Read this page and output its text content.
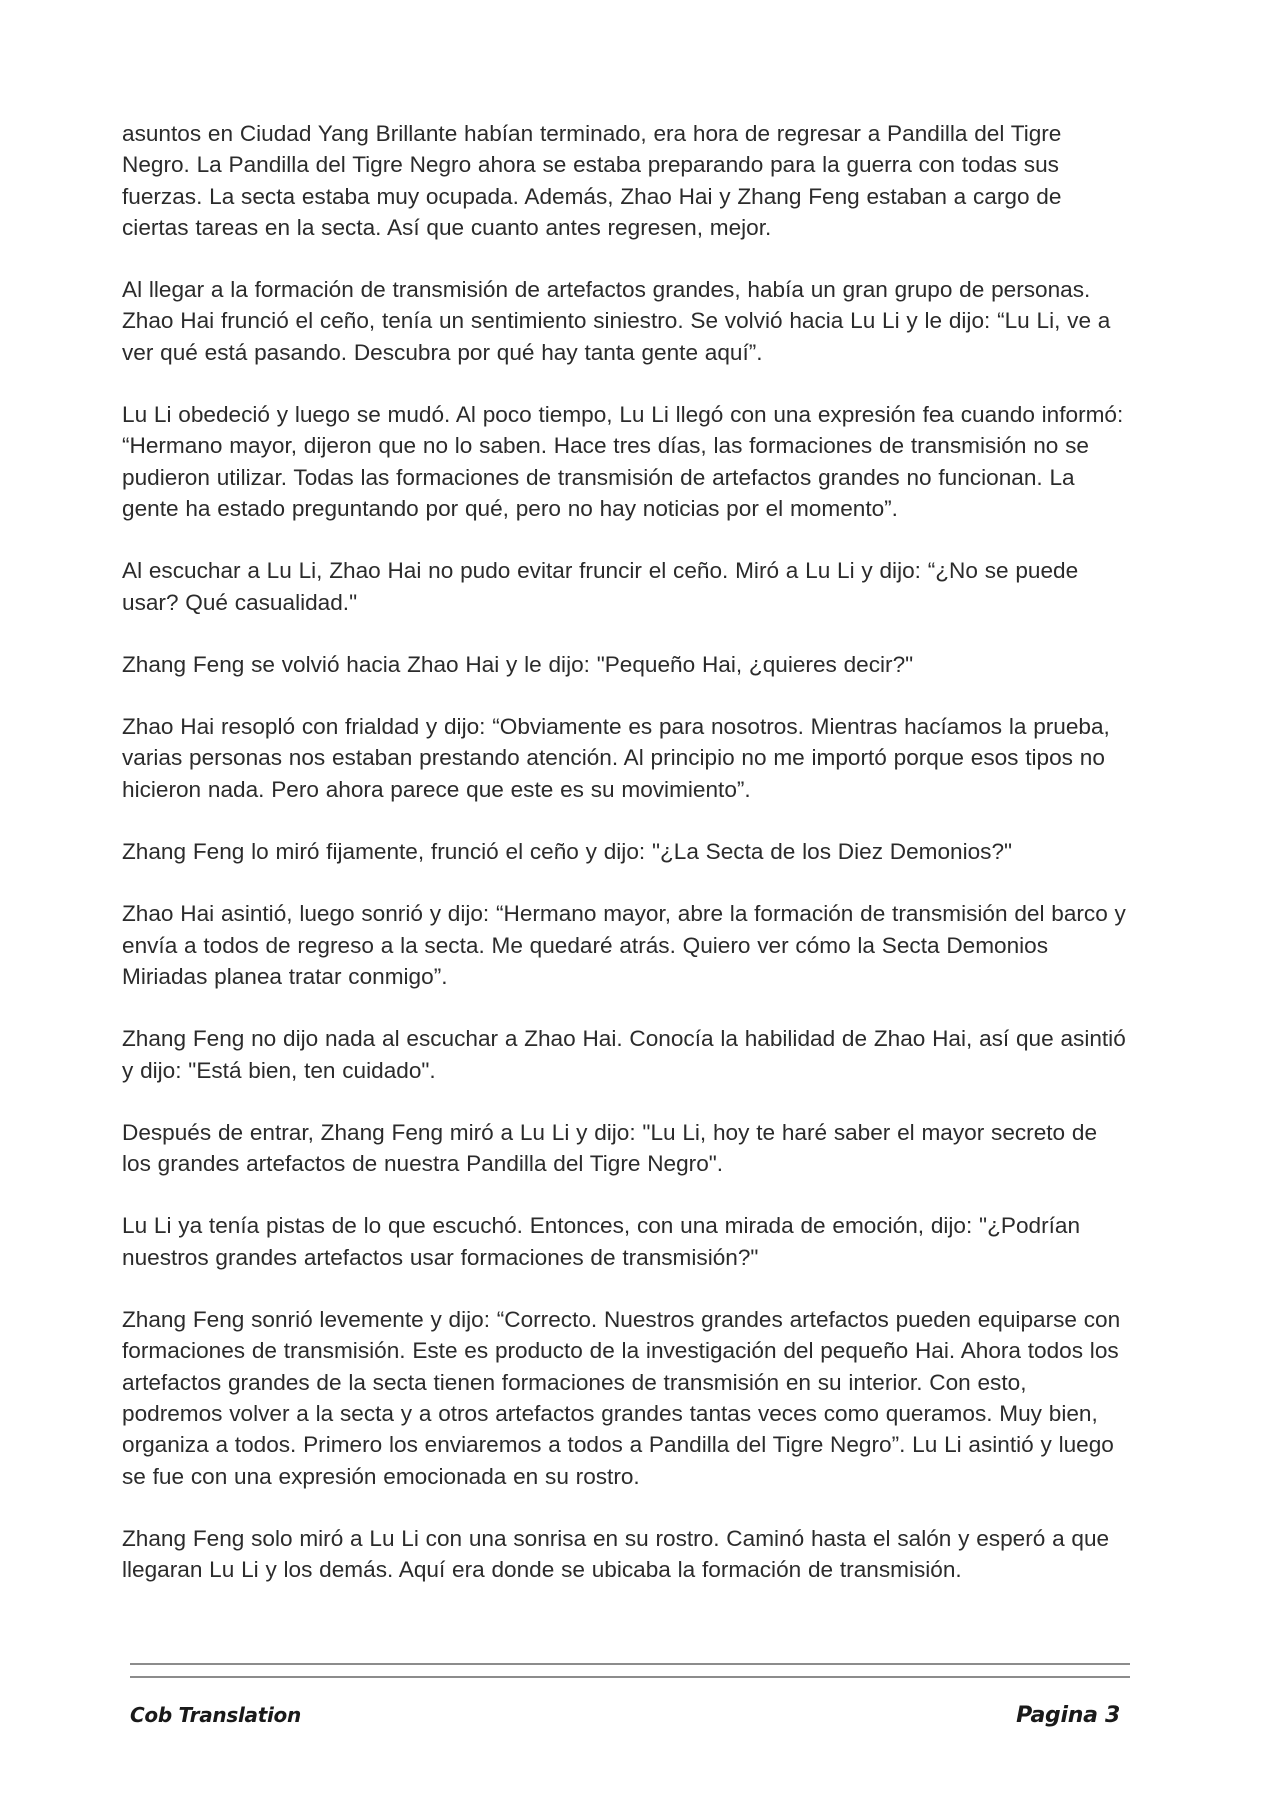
asuntos en Ciudad Yang Brillante habían terminado, era hora de regresar a Pandilla del Tigre Negro. La Pandilla del Tigre Negro ahora se estaba preparando para la guerra con todas sus fuerzas. La secta estaba muy ocupada. Además, Zhao Hai y Zhang Feng estaban a cargo de ciertas tareas en la secta. Así que cuanto antes regresen, mejor.

Al llegar a la formación de transmisión de artefactos grandes, había un gran grupo de personas. Zhao Hai frunció el ceño, tenía un sentimiento siniestro. Se volvió hacia Lu Li y le dijo: “Lu Li, ve a ver qué está pasando. Descubra por qué hay tanta gente aquí”.

Lu Li obedeció y luego se mudó. Al poco tiempo, Lu Li llegó con una expresión fea cuando informó: “Hermano mayor, dijeron que no lo saben. Hace tres días, las formaciones de transmisión no se pudieron utilizar. Todas las formaciones de transmisión de artefactos grandes no funcionan. La gente ha estado preguntando por qué, pero no hay noticias por el momento”.

Al escuchar a Lu Li, Zhao Hai no pudo evitar fruncir el ceño. Miró a Lu Li y dijo: “¿No se puede usar? Qué casualidad."

Zhang Feng se volvió hacia Zhao Hai y le dijo: "Pequeño Hai, ¿quieres decir?"

Zhao Hai resopló con frialdad y dijo: “Obviamente es para nosotros. Mientras hacíamos la prueba, varias personas nos estaban prestando atención. Al principio no me importó porque esos tipos no hicieron nada. Pero ahora parece que este es su movimiento”.

Zhang Feng lo miró fijamente, frunció el ceño y dijo: "¿La Secta de los Diez Demonios?"

Zhao Hai asintió, luego sonrió y dijo: “Hermano mayor, abre la formación de transmisión del barco y envía a todos de regreso a la secta. Me quedaré atrás. Quiero ver cómo la Secta Demonios Miriadas planea tratar conmigo”.

Zhang Feng no dijo nada al escuchar a Zhao Hai. Conocía la habilidad de Zhao Hai, así que asintió y dijo: "Está bien, ten cuidado".

Después de entrar, Zhang Feng miró a Lu Li y dijo: "Lu Li, hoy te haré saber el mayor secreto de los grandes artefactos de nuestra Pandilla del Tigre Negro".

Lu Li ya tenía pistas de lo que escuchó. Entonces, con una mirada de emoción, dijo: "¿Podrían nuestros grandes artefactos usar formaciones de transmisión?"

Zhang Feng sonrió levemente y dijo: “Correcto. Nuestros grandes artefactos pueden equiparse con formaciones de transmisión. Este es producto de la investigación del pequeño Hai. Ahora todos los artefactos grandes de la secta tienen formaciones de transmisión en su interior. Con esto, podremos volver a la secta y a otros artefactos grandes tantas veces como queramos. Muy bien, organiza a todos. Primero los enviaremos a todos a Pandilla del Tigre Negro”. Lu Li asintió y luego se fue con una expresión emocionada en su rostro.

Zhang Feng solo miró a Lu Li con una sonrisa en su rostro. Caminó hasta el salón y esperó a que llegaran Lu Li y los demás. Aquí era donde se ubicaba la formación de transmisión.

Cob Translation	Pagina 3
